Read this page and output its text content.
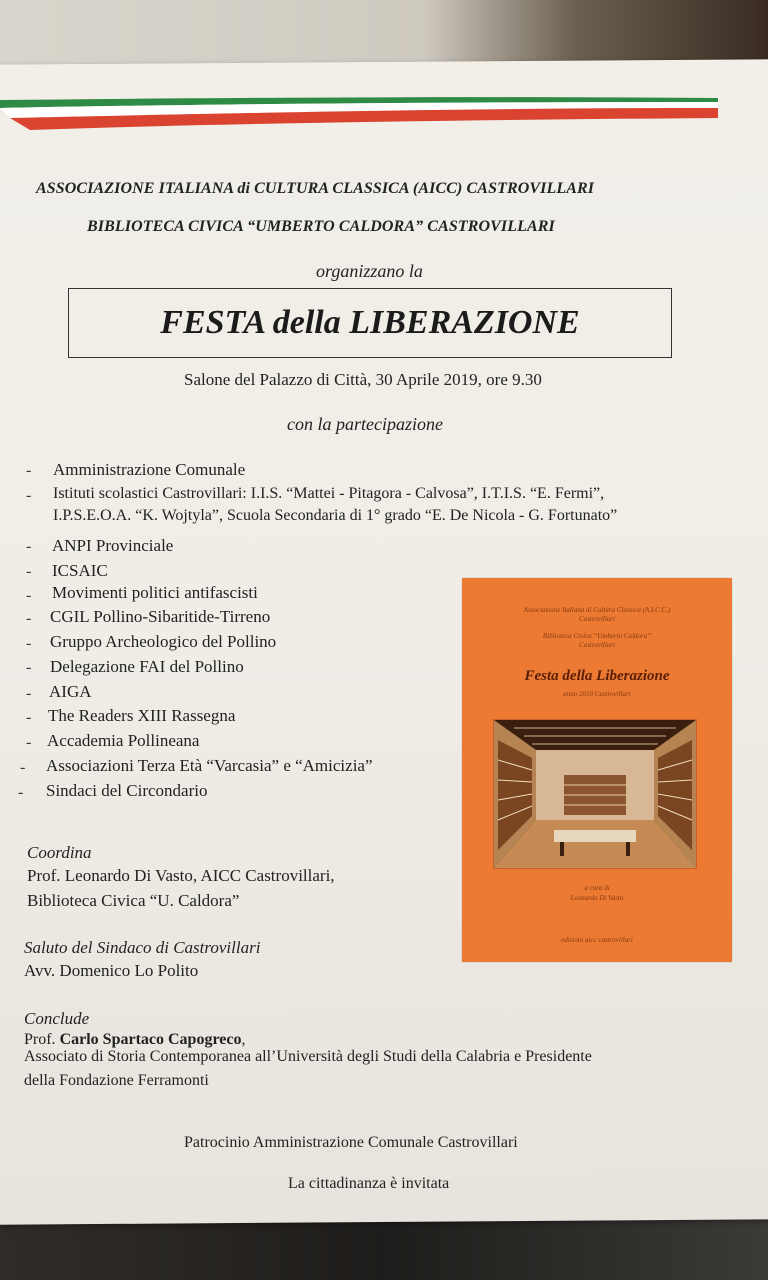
ASSOCIAZIONE ITALIANA di CULTURA CLASSICA (AICC) CASTROVILLARI
BIBLIOTECA CIVICA “UMBERTO CALDORA” CASTROVILLARI
organizzano la
FESTA della LIBERAZIONE
Salone del Palazzo di Città, 30 Aprile 2019, ore 9.30
con la partecipazione
- Amministrazione Comunale
- Istituti scolastici Castrovillari: I.I.S. “Mattei - Pitagora - Calvosa”, I.T.I.S. “E. Fermi”,
I.P.S.E.O.A. “K. Wojtyla”, Scuola Secondaria di 1° grado “E. De Nicola - G. Fortunato”
- ANPI Provinciale
- ICSAIC
- Movimenti politici antifascisti
- CGIL Pollino-Sibaritide-Tirreno
- Gruppo Archeologico del Pollino
- Delegazione FAI del Pollino
- AIGA
- The Readers XIII Rassegna
- Accademia Pollineana
- Associazioni Terza Età “Varcasia” e “Amicizia”
- Sindaci del Circondario
Associazione Italiana di Cultura Classica (A.I.C.C.)
Castrovillari
Biblioteca Civica “Umberto Caldora”
Castrovillari
Festa della Liberazione
anno 2018 Castrovillari
a cura di
Leonardo Di Vasto
edizioni aicc castrovillari
Coordina
Prof. Leonardo Di Vasto, AICC Castrovillari,
Biblioteca Civica “U. Caldora”
Saluto del Sindaco di Castrovillari
Avv. Domenico Lo Polito
Conclude
Prof. Carlo Spartaco Capogreco,
Associato di Storia Contemporanea all’Università degli Studi della Calabria e Presidente
della Fondazione Ferramonti
Patrocinio Amministrazione Comunale Castrovillari
La cittadinanza è invitata
